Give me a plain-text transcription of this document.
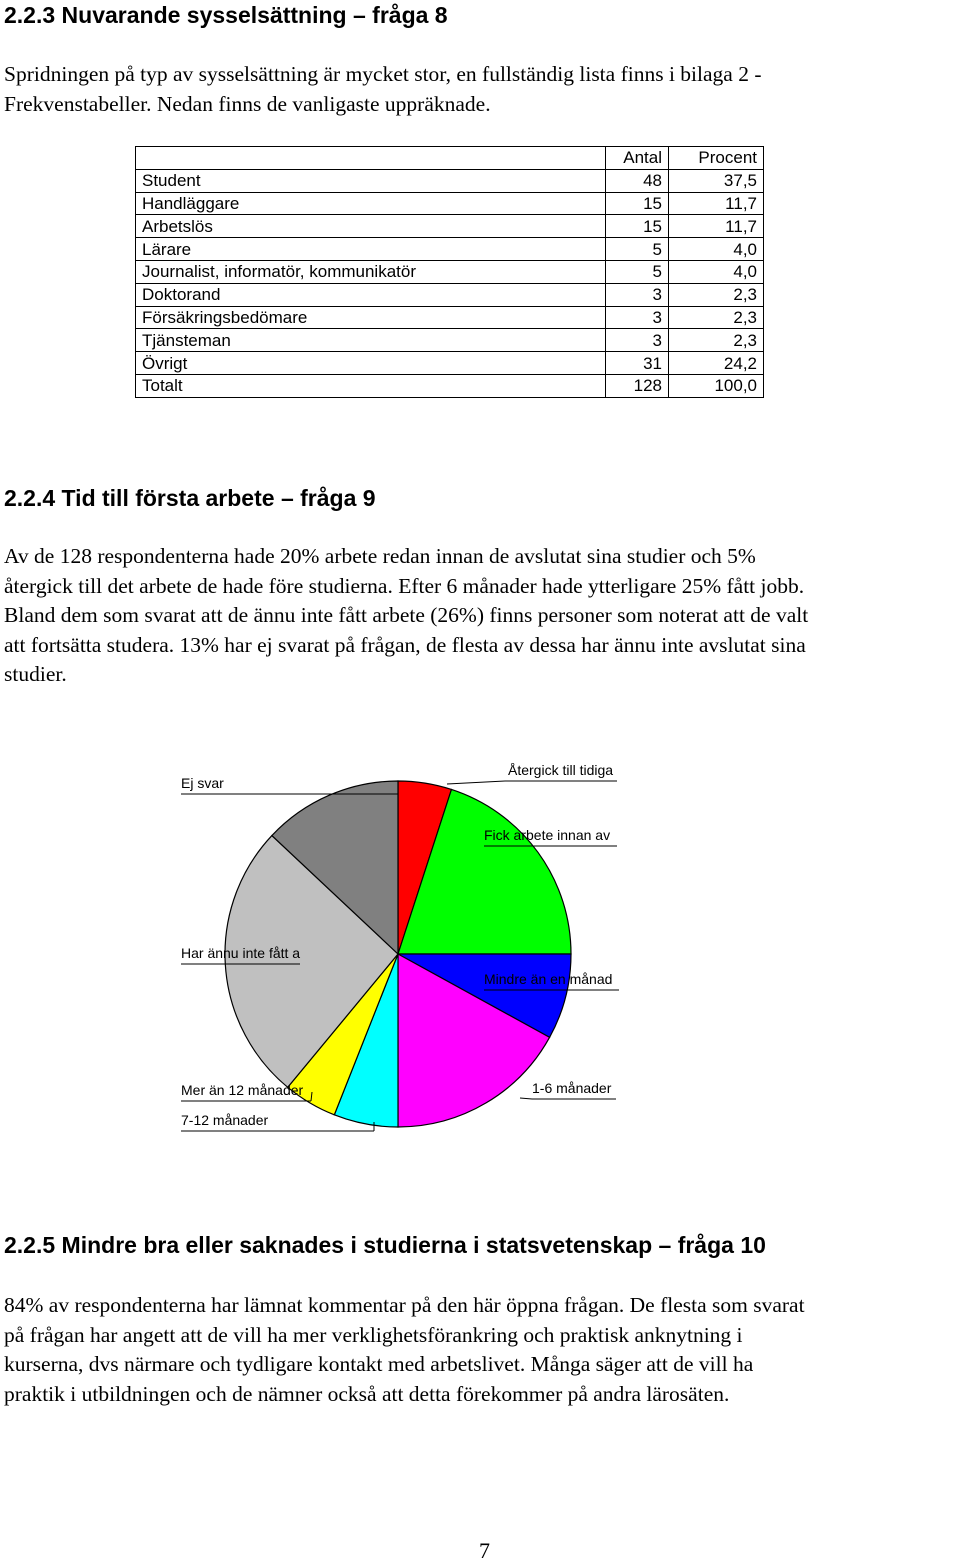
2.2.3 Nuvarande sysselsättning – fråga 8
Spridningen på typ av sysselsättning är mycket stor, en fullständig lista finns i bilaga 2 -
Frekvenstabeller. Nedan finns de vanligaste uppräknade.
	Antal	Procent
Student	48	37,5
Handläggare	15	11,7
Arbetslös	15	11,7
Lärare	5	4,0
Journalist, informatör, kommunikatör	5	4,0
Doktorand	3	2,3
Försäkringsbedömare	3	2,3
Tjänsteman	3	2,3
Övrigt	31	24,2
Totalt	128	100,0
2.2.4 Tid till första arbete – fråga 9
Av de 128 respondenterna hade 20% arbete redan innan de avslutat sina studier och 5%
återgick till det arbete de hade före studierna. Efter 6 månader hade ytterligare 25% fått jobb.
Bland dem som svarat att de ännu inte fått arbete (26%) finns personer som noterat att de valt
att fortsätta studera. 13% har ej svarat på frågan, de flesta av dessa har ännu inte avslutat sina
studier.
Återgick till tidiga
Fick arbete innan av
Mindre än en månad
1-6 månader
7-12 månader
Mer än 12 månader
Har ännu inte fått a
Ej svar
2.2.5 Mindre bra eller saknades i studierna i statsvetenskap – fråga 10
84% av respondenterna har lämnat kommentar på den här öppna frågan. De flesta som svarat
på frågan har angett att de vill ha mer verklighetsförankring och praktisk anknytning i
kurserna, dvs närmare och tydligare kontakt med arbetslivet. Många säger att de vill ha
praktik i utbildningen och de nämner också att detta förekommer på andra lärosäten.
7
